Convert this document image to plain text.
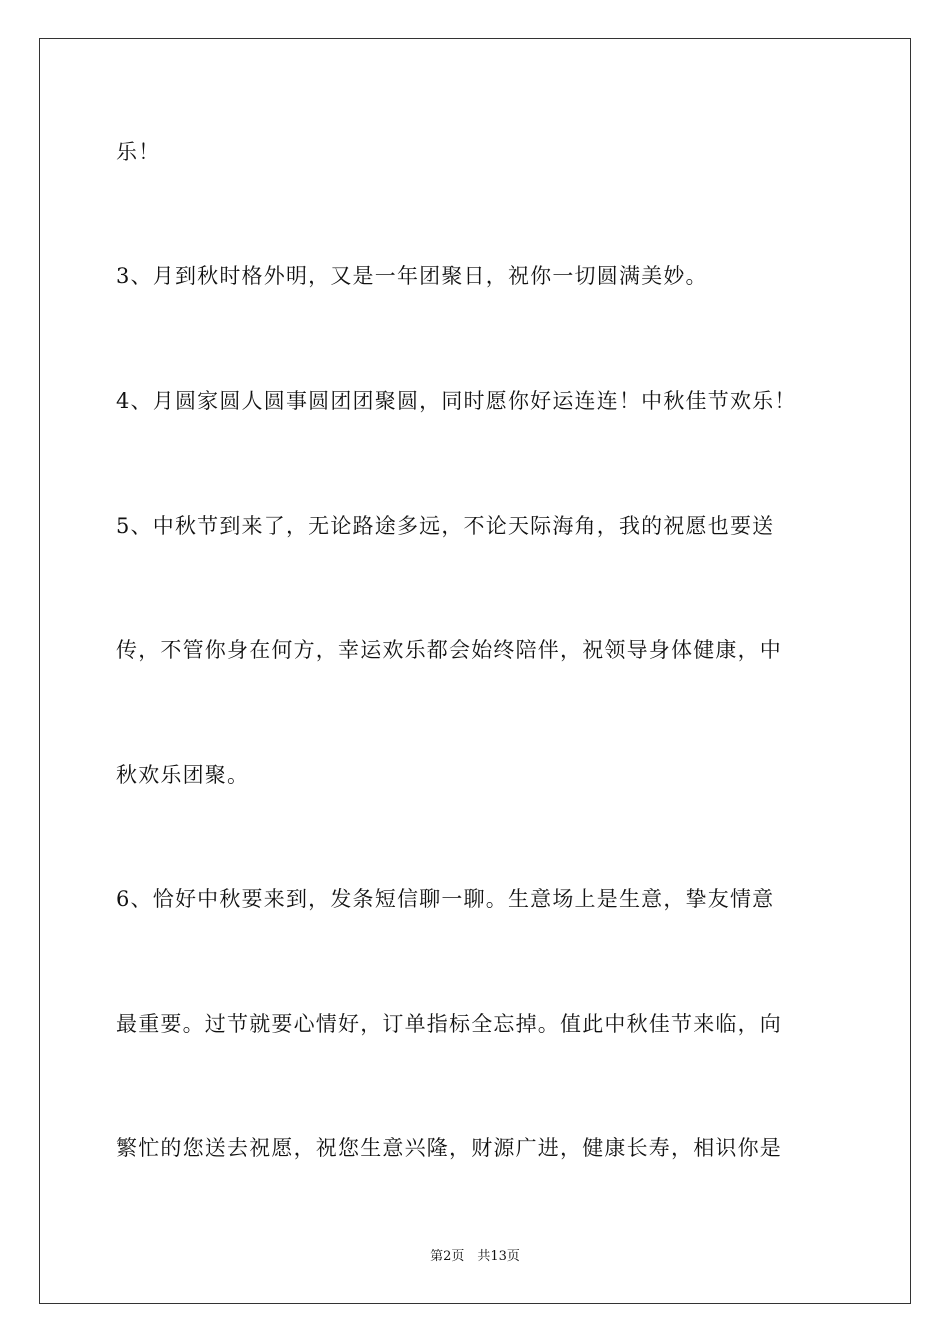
乐！
3、月到秋时格外明，又是一年团聚日，祝你一切圆满美妙。
4、月圆家圆人圆事圆团团聚圆，同时愿你好运连连！中秋佳节欢乐！
5、中秋节到来了，无论路途多远，不论天际海角，我的祝愿也要送
传，不管你身在何方，幸运欢乐都会始终陪伴，祝领导身体健康，中
秋欢乐团聚。
6、恰好中秋要来到，发条短信聊一聊。生意场上是生意，挚友情意
最重要。过节就要心情好，订单指标全忘掉。值此中秋佳节来临，向
繁忙的您送去祝愿，祝您生意兴隆，财源广进，健康长寿，相识你是
第2页　共13页
